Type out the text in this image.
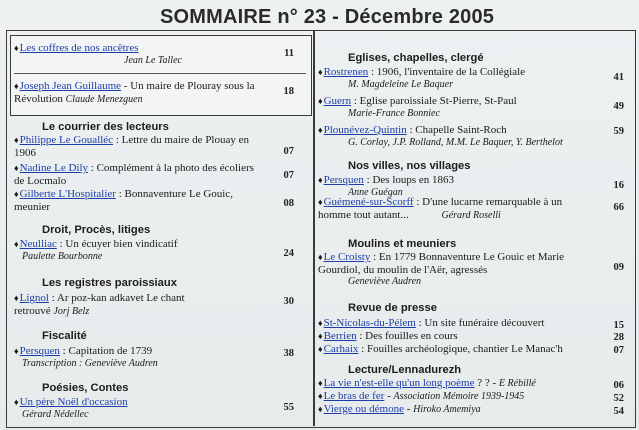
SOMMAIRE n° 23 - Décembre 2005
♦Les coffres de nos ancêtres
Jean Le Tallec
11
♦Joseph Jean Guillaume - Un maire de Plouray sous la Révolution Claude Menezguen
18
Le courrier des lecteurs
♦Philippe Le Goualléc : Lettre du maire de Plouay en 1906	07
♦Nadine Le Dily : Complément à la photo des écoliers de Locmalo	07
♦Gilberte L'Hospitalier : Bonnaventure Le Gouic, meunier	08
Droit, Procès, litiges
♦Neulliac : Un écuyer bien vindicatif
Paulette Bourbonne	24
Les registres paroissiaux
♦Lignol : Ar poz-kan adkavet Le chant retrouvé Jorj Belz
30
Fiscalité
♦Persquen : Capitation de 1739
Transcription : Geneviève Audren
38
Poésies, Contes
♦Un père Noël d'occasion
Gérard Nédellec
55
Eglises, chapelles, clergé
♦Rostrenen : 1906, l'inventaire de la Collégiale
M. Magdeleine Le Baquer
41
♦Guern : Eglise paroissiale St-Pierre, St-Paul
Marie-France Bonniec
49
♦Plounévez-Quintin : Chapelle Saint-Roch
G. Corlay, J.P. Rolland, M.M. Le Baquer, Y. Berthelot
59
Nos villes, nos villages
♦Persquen : Des loups en 1863
Anne Guégan
16
♦Guémené-sur-Scorff : D'une lucarne remarquable à un homme tout autant...	Gérard Roselli
66
Moulins et meuniers
♦Le Croisty : En 1779 Bonnaventure Le Gouic et Marie Gourdiol, du moulin de l'Aër, agressés
Geneviève Audren
09
Revue de presse
♦St-Nicolas-du-Pélem : Un site funéraire découvert	15
♦Berrien : Des fouilles en cours	28
♦Carhaix : Fouilles archéologique, chantier Le Manac'h	07
Lecture/Lennadurezh
♦La vie n'est-elle qu'un long poème ? ? - E Rébillé	06
♦Le bras de fer - Association Mémoire 1939-1945	52
♦Vierge ou démone - Hiroko Amemiya	54
